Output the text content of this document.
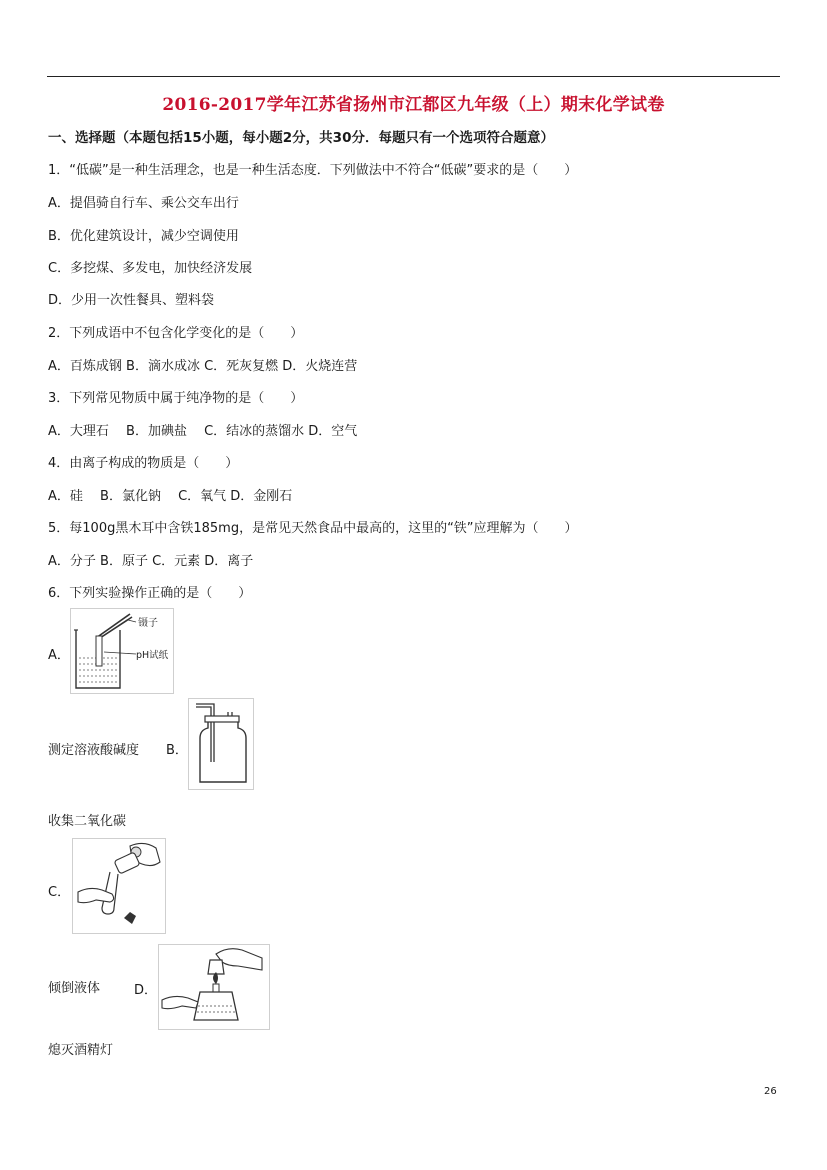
2016-2017学年江苏省扬州市江都区九年级（上）期末化学试卷
一、选择题（本题包括15小题，每小题2分，共30分．每题只有一个选项符合题意）
1．“低碳”是一种生活理念，也是一种生活态度．下列做法中不符合“低碳”要求的是（　　）
A．提倡骑自行车、乘公交车出行
B．优化建筑设计，减少空调使用
C．多挖煤、多发电，加快经济发展
D．少用一次性餐具、塑料袋
2．下列成语中不包含化学变化的是（　　）
A．百炼成钢 B．滴水成冰 C．死灰复燃 D．火烧连营
3．下列常见物质中属于纯净物的是（　　）
A．大理石　 B．加碘盐　 C．结冰的蒸馏水 D．空气
4．由离子构成的物质是（　　）
A．硅　 B．氯化钠　 C．氧气 D．金刚石
5．每100g黑木耳中含铁185mg，是常见天然食品中最高的，这里的“铁”应理解为（　　）
A．分子 B．原子 C．元素 D．离子
6．下列实验操作正确的是（　　）
A．
镊子
pH试纸
测定溶液酸碱度 B．
收集二氧化碳
C．
倾倒液体	D．
熄灭酒精灯
26
